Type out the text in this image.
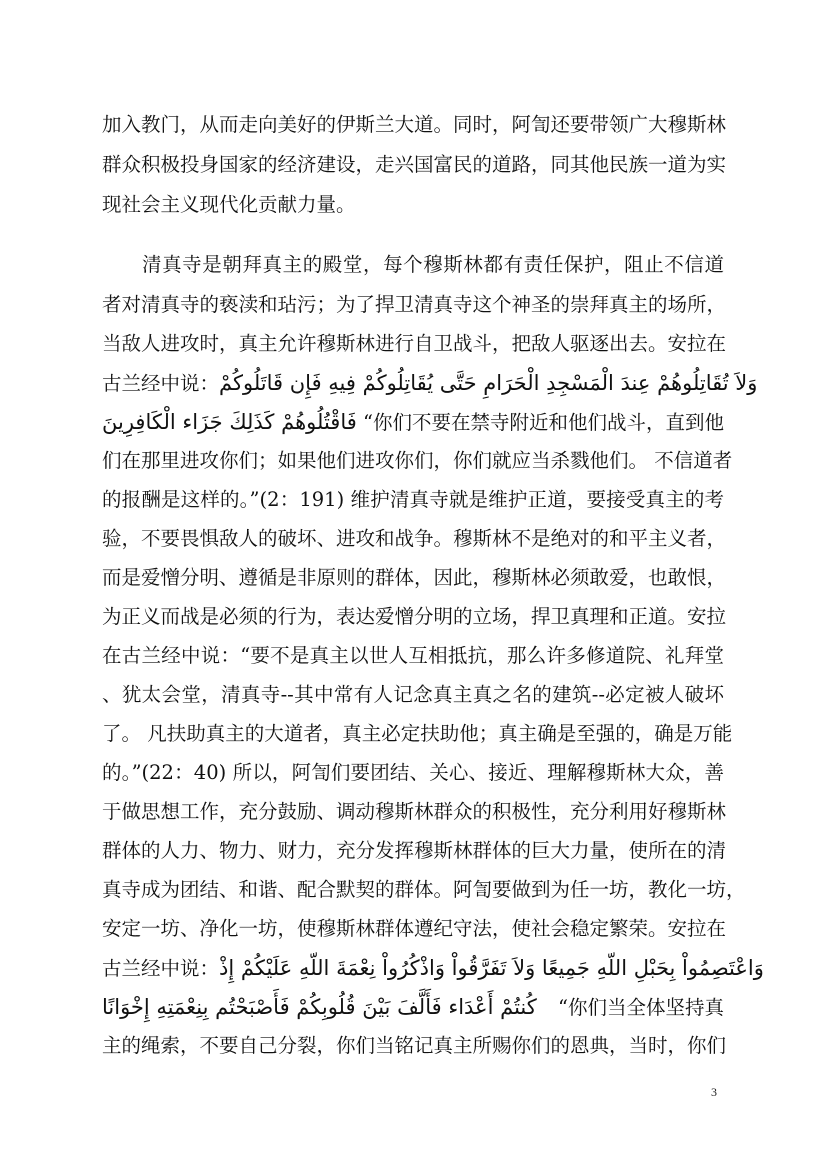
加入教门，从而走向美好的伊斯兰大道。同时，阿訇还要带领广大穆斯林
群众积极投身国家的经济建设，走兴国富民的道路，同其他民族一道为实
现社会主义现代化贡献力量。
清真寺是朝拜真主的殿堂，每个穆斯林都有责任保护，阻止不信道
者对清真寺的亵渎和玷污；为了捍卫清真寺这个神圣的崇拜真主的场所，
当敌人进攻时，真主允许穆斯林进行自卫战斗，把敌人驱逐出去。安拉在
古兰经中说： وَلاَ تُقَاتِلُوهُمْ عِندَ الْمَسْجِدِ الْحَرَامِ حَتَّى يُقَاتِلُوكُمْ فِيهِ فَإِن قَاتَلُوكُمْ
فَاقْتُلُوهُمْ كَذَلِكَ جَزَاء الْكَافِرِينَ “你们不要在禁寺附近和他们战斗，直到他
们在那里进攻你们；如果他们进攻你们，你们就应当杀戮他们。 不信道者
的报酬是这样的。”(2：191) 维护清真寺就是维护正道，要接受真主的考
验，不要畏惧敌人的破坏、进攻和战争。穆斯林不是绝对的和平主义者，
而是爱憎分明、遵循是非原则的群体，因此，穆斯林必须敢爱，也敢恨，
为正义而战是必须的行为，表达爱憎分明的立场，捍卫真理和正道。安拉
在古兰经中说：“要不是真主以世人互相抵抗，那么许多修道院、礼拜堂
、犹太会堂，清真寺--其中常有人记念真主真之名的建筑--必定被人破坏
了。 凡扶助真主的大道者，真主必定扶助他；真主确是至强的，确是万能
的。”(22：40) 所以，阿訇们要团结、关心、接近、理解穆斯林大众，善
于做思想工作，充分鼓励、调动穆斯林群众的积极性，充分利用好穆斯林
群体的人力、物力、财力，充分发挥穆斯林群体的巨大力量，使所在的清
真寺成为团结、和谐、配合默契的群体。阿訇要做到为任一坊，教化一坊，
安定一坊、净化一坊，使穆斯林群体遵纪守法，使社会稳定繁荣。安拉在
古兰经中说： وَاعْتَصِمُواْ بِحَبْلِ اللّهِ جَمِيعًا وَلاَ تَفَرَّقُواْ وَاذْكُرُواْ نِعْمَةَ اللّهِ عَلَيْكُمْ إِذْ
كُنتُمْ أَعْدَاء فَأَلَّفَ بَيْنَ قُلُوبِكُمْ فَأَصْبَحْتُم بِنِعْمَتِهِ إِخْوَانًا “你们当全体坚持真
主的绳索，不要自己分裂，你们当铭记真主所赐你们的恩典，当时，你们
3
